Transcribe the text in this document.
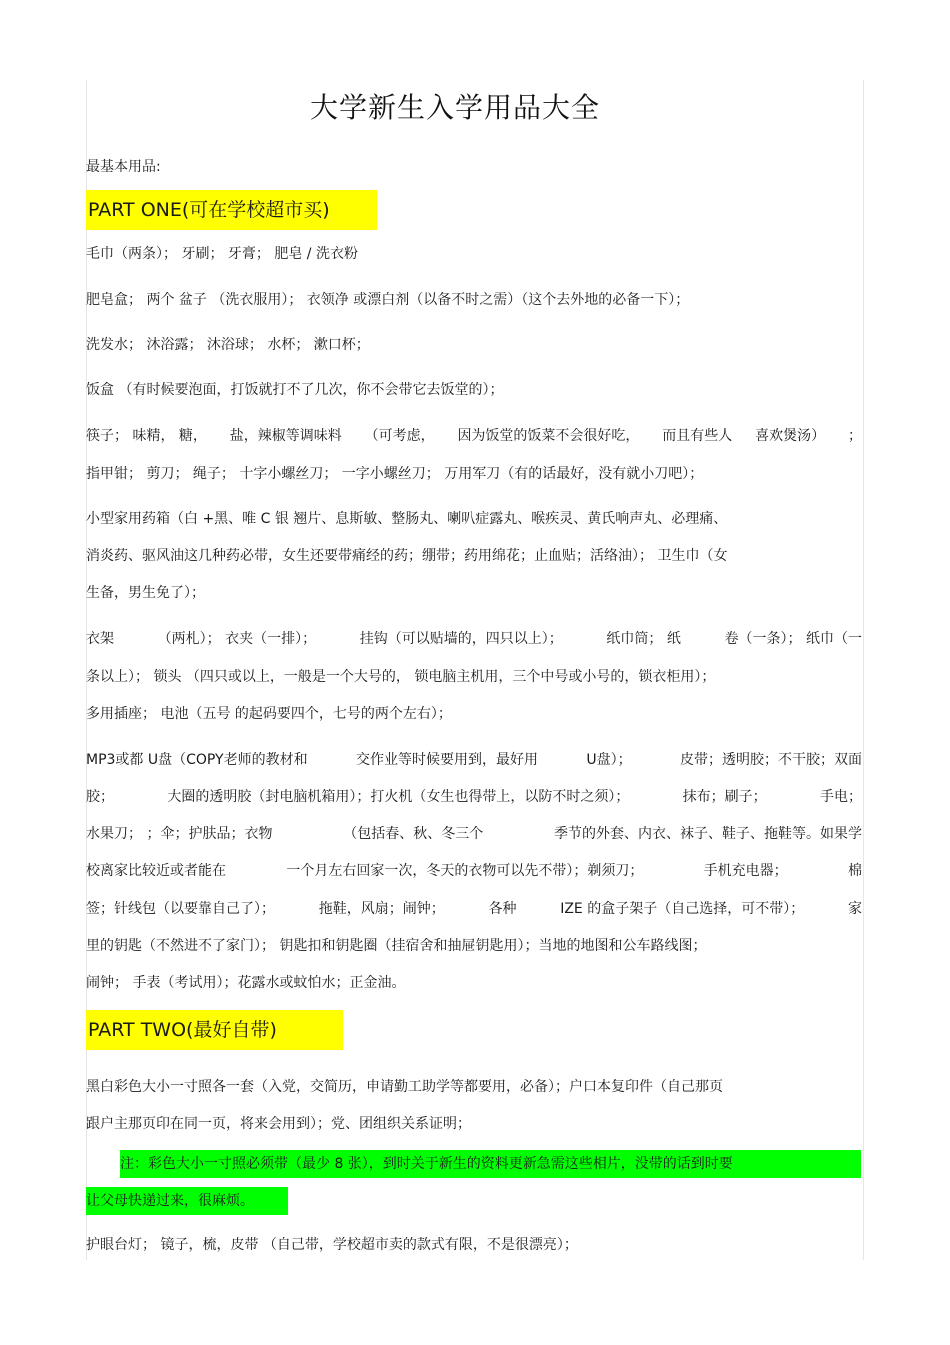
大学新生入学用品大全
最基本用品:
PART ONE(可在学校超市买)
毛巾（两条）； 牙刷； 牙膏； 肥皂 / 洗衣粉
肥皂盒； 两个 盆子 （洗衣服用）； 衣领净 或漂白剂（以备不时之需）（这个去外地的必备一下）；
洗发水； 沐浴露； 沐浴球； 水杯； 漱口杯；
饭盒 （有时候要泡面，打饭就打不了几次，你不会带它去饭堂的）；
筷子； 味精， 糖， 盐，辣椒等调味料 （可考虑， 因为饭堂的饭菜不会很好吃， 而且有些人 喜欢煲汤） ；
指甲钳； 剪刀； 绳子； 十字小螺丝刀； 一字小螺丝刀； 万用军刀（有的话最好，没有就小刀吧）；
小型家用药箱（白 +黑、唯 C 银 翘片、息斯敏、整肠丸、喇叭症露丸、喉疾灵、黄氏响声丸、必理痛、
消炎药、驱风油这几种药必带，女生还要带痛经的药；绷带；药用绵花；止血贴；活络油）； 卫生巾（女
生备，男生免了）；
衣架	（两札）； 衣夹（一排）；	挂钩（可以贴墙的，四只以上）；	纸巾筒； 纸	卷（一条）； 纸巾（一
条以上）； 锁头 （四只或以上，一般是一个大号的， 锁电脑主机用，三个中号或小号的，锁衣柜用）；
多用插座； 电池（五号 的起码要四个，七号的两个左右）；
MP3或都 U盘（COPY老师的教材和	交作业等时候要用到，最好用	U盘）；	皮带；透明胶；不干胶；双面
胶；	大圈的透明胶（封电脑机箱用）；打火机（女生也得带上，以防不时之须）；	抹布；刷子；	手电；
水果刀； ；伞；护肤品；衣物	（包括春、秋、冬三个	季节的外套、内衣、袜子、鞋子、拖鞋等。如果学
校离家比较近或者能在	一个月左右回家一次，冬天的衣物可以先不带）；剃须刀；	手机充电器；	棉
签；针线包（以要靠自己了）；	拖鞋，风扇；闹钟；	各种	IZE 的盒子架子（自己选择，可不带）；	家
里的钥匙（不然进不了家门）； 钥匙扣和钥匙圈（挂宿舍和抽屉钥匙用）；当地的地图和公车路线图；
闹钟； 手表（考试用）；花露水或蚊怕水；正金油。
PART TWO(最好自带)
黑白彩色大小一寸照各一套（入党，交简历，申请勤工助学等都要用，必备）；户口本复印件（自己那页
跟户主那页印在同一页，将来会用到）；党、团组织关系证明；
注：彩色大小一寸照必须带（最少 8 张），到时关于新生的资料更新急需这些相片，没带的话到时要
让父母快递过来，很麻烦。
护眼台灯； 镜子，梳，皮带 （自己带，学校超市卖的款式有限，不是很漂亮）；
